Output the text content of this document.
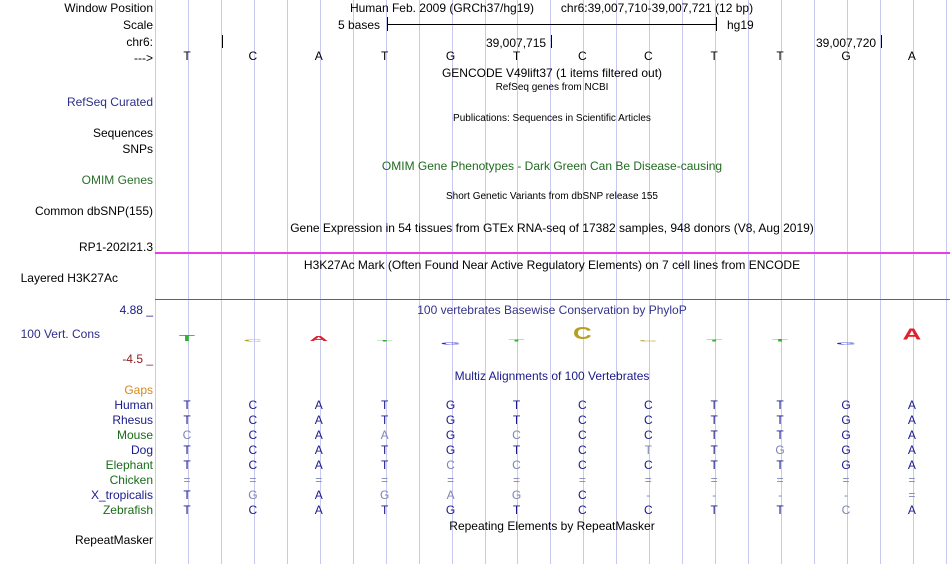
Window Position
Scale
chr6:
--->
RefSeq Curated
Sequences
SNPs
OMIM Genes
Common dbSNP(155)
RP1-202I21.3
Layered H3K27Ac
4.88 _
100 Vert. Cons
-4.5 _
Gaps
Human
Rhesus
Mouse
Dog
Elephant
Chicken
X_tropicalis
Zebrafish
RepeatMasker
Human Feb. 2009 (GRCh37/hg19) chr6:39,007,710-39,007,721 (12 bp)
5 bases	hg19
39,007,715	39,007,720
T	C	A	T	G	T	C	C	T	T	G	A
GENCODE V49lift37 (1 items filtered out)
RefSeq genes from NCBI
Publications: Sequences in Scientific Articles
OMIM Gene Phenotypes - Dark Green Can Be Disease-causing
Short Genetic Variants from dbSNP release 155
Gene Expression in 54 tissues from GTEx RNA-seq of 17382 samples, 948 donors (V8, Aug 2019)
H3K27Ac Mark (Often Found Near Active Regulatory Elements) on 7 cell lines from ENCODE
100 vertebrates Basewise Conservation by PhyloP
T C A T
G
T C C T T
G
A
Multiz Alignments of 100 Vertebrates
T	C	A	T	G	T	C	C	T	T	G	A
T	C	A	T	G	T	C	C	T	T	G	A
C	C	A	A	G	C	C	C	T	T	G	A
T	C	A	T	G	T	C	T	T	G	G	A
T	C	A	T	C	C	C	C	T	T	G	A
=	=	=	=	=	=	=	=	=	=	=	=
T	G	A	G	A	G	C	-	-	-	-	=
T	C	A	T	G	T	C	C	T	T	C	A
Repeating Elements by RepeatMasker
